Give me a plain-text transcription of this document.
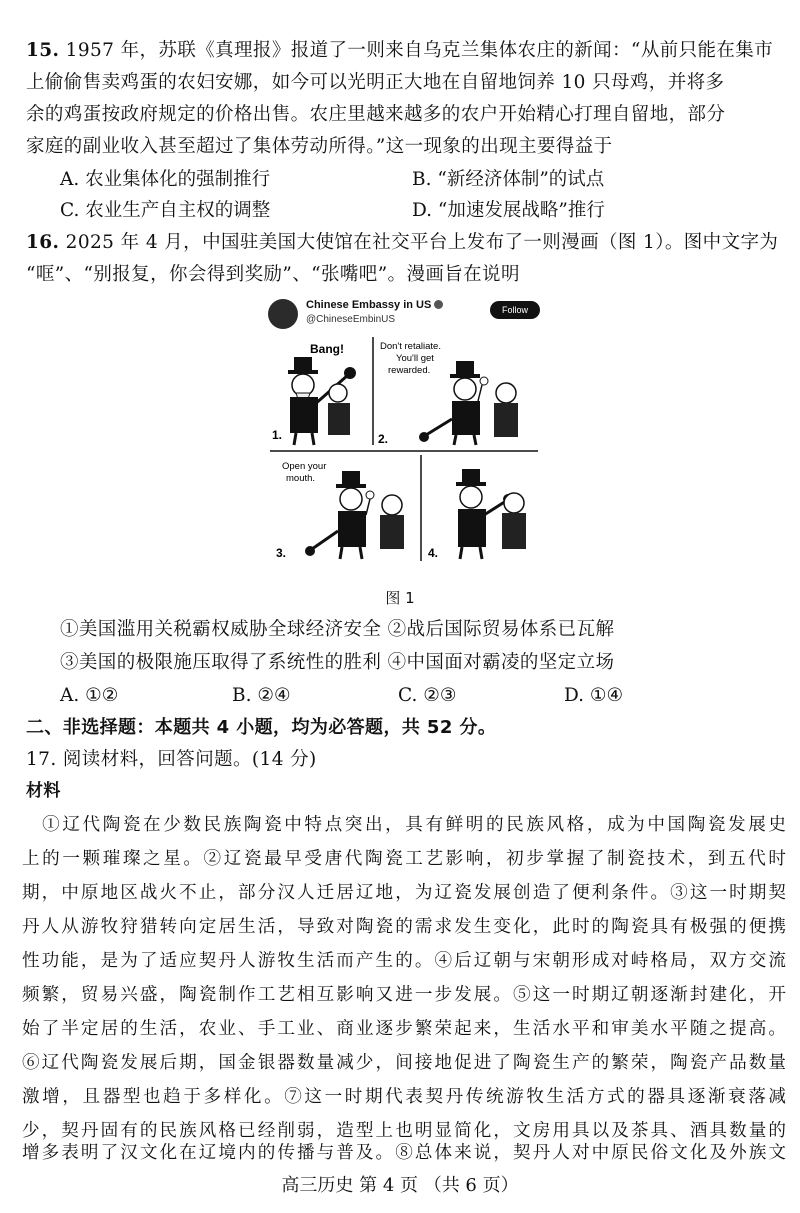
15. 1957 年，苏联《真理报》报道了一则来自乌克兰集体农庄的新闻：“从前只能在集市
上偷偷售卖鸡蛋的农妇安娜，如今可以光明正大地在自留地饲养 10 只母鸡，并将多
余的鸡蛋按政府规定的价格出售。农庄里越来越多的农户开始精心打理自留地，部分
家庭的副业收入甚至超过了集体劳动所得。”这一现象的出现主要得益于
A. 农业集体化的强制推行	B. “新经济体制”的试点
C. 农业生产自主权的调整	D. “加速发展战略”推行
16. 2025 年 4 月，中国驻美国大使馆在社交平台上发布了一则漫画（图 1）。图中文字为
“哐”、“别报复，你会得到奖励”、“张嘴吧”。漫画旨在说明
Chinese Embassy in US
@ChineseEmbinUS
Follow
Bang!
1.
Don't retaliate.
You'll get
rewarded.
2.
Open your
mouth.
3.	4.
图 1
①美国滥用关税霸权威胁全球经济安全 ②战后国际贸易体系已瓦解
③美国的极限施压取得了系统性的胜利 ④中国面对霸凌的坚定立场
A. ①②	B. ②④	C. ②③	D. ①④
二、非选择题：本题共 4 小题，均为必答题，共 52 分。
17. 阅读材料，回答问题。(14 分)
材料
　①辽代陶瓷在少数民族陶瓷中特点突出，具有鲜明的民族风格，成为中国陶瓷发展史
上的一颗璀璨之星。②辽瓷最早受唐代陶瓷工艺影响，初步掌握了制瓷技术，到五代时
期，中原地区战火不止，部分汉人迁居辽地，为辽瓷发展创造了便利条件。③这一时期契
丹人从游牧狩猎转向定居生活，导致对陶瓷的需求发生变化，此时的陶瓷具有极强的便携
性功能，是为了适应契丹人游牧生活而产生的。④后辽朝与宋朝形成对峙格局，双方交流
频繁，贸易兴盛，陶瓷制作工艺相互影响又进一步发展。⑤这一时期辽朝逐渐封建化，开
始了半定居的生活，农业、手工业、商业逐步繁荣起来，生活水平和审美水平随之提高。
⑥辽代陶瓷发展后期，国金银器数量减少，间接地促进了陶瓷生产的繁荣，陶瓷产品数量
激增，且器型也趋于多样化。⑦这一时期代表契丹传统游牧生活方式的器具逐渐衰落减
少，契丹固有的民族风格已经削弱，造型上也明显简化，文房用具以及茶具、酒具数量的
增多表明了汉文化在辽境内的传播与普及。⑧总体来说，契丹人对中原民俗文化及外族文
高三历史 第 4 页 （共 6 页）
